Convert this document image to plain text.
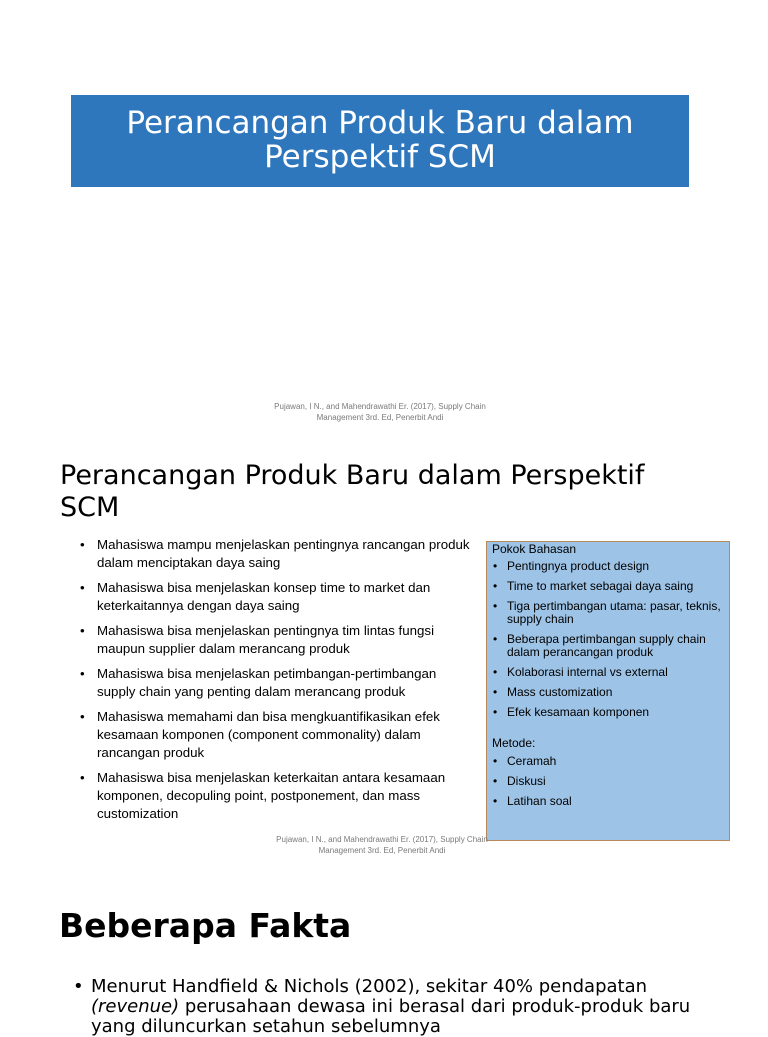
Perancangan Produk Baru dalam
Perspektif SCM
Pujawan, I N., and Mahendrawathi Er. (2017), Supply Chain
Management 3rd. Ed, Penerbit Andi
Perancangan Produk Baru dalam Perspektif
SCM
• Mahasiswa mampu menjelaskan pentingnya rancangan produk dalam menciptakan daya saing
• Mahasiswa bisa menjelaskan konsep time to market dan keterkaitannya dengan daya saing
• Mahasiswa bisa menjelaskan pentingnya tim lintas fungsi maupun supplier dalam merancang produk
• Mahasiswa bisa menjelaskan petimbangan-pertimbangan supply chain yang penting dalam merancang produk
• Mahasiswa memahami dan bisa mengkuantifikasikan efek kesamaan komponen (component commonality) dalam rancangan produk
• Mahasiswa bisa menjelaskan keterkaitan antara kesamaan komponen, decopuling point, postponement, dan mass customization
Pokok Bahasan
• Pentingnya product design
• Time to market sebagai daya saing
• Tiga pertimbangan utama: pasar, teknis, supply chain
• Beberapa pertimbangan supply chain dalam perancangan produk
• Kolaborasi internal vs external
• Mass customization
• Efek kesamaan komponen
Metode:
• Ceramah
• Diskusi
• Latihan soal
Pujawan, I N., and Mahendrawathi Er. (2017), Supply Chain
Management 3rd. Ed, Penerbit Andi
Beberapa Fakta
• Menurut Handfield & Nichols (2002), sekitar 40% pendapatan
(revenue) perusahaan dewasa ini berasal dari produk-produk baru yang diluncurkan setahun sebelumnya
